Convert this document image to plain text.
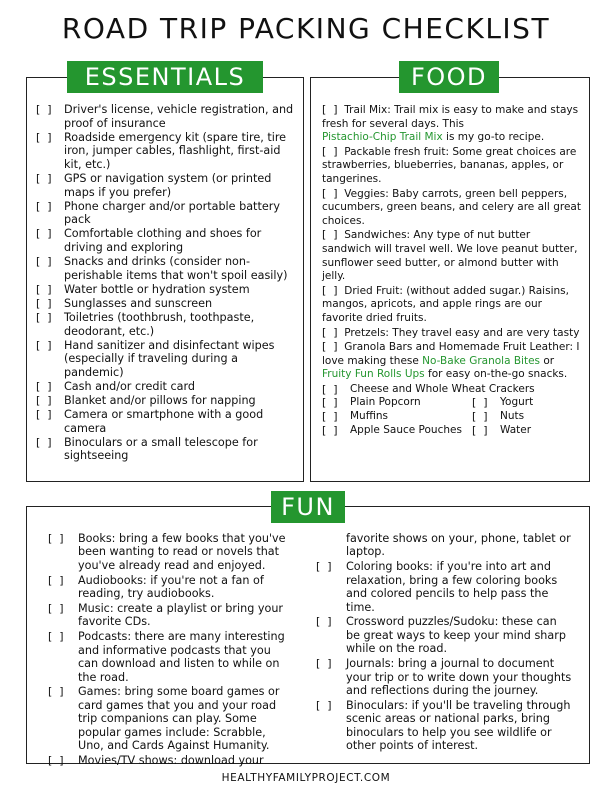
ROAD TRIP PACKING CHECKLIST
ESSENTIALS
[  ]	Driver's license, vehicle registration, and proof of insurance
[  ]	Roadside emergency kit (spare tire, tire iron, jumper cables, flashlight, first-aid kit, etc.)
[  ]	GPS or navigation system (or printed maps if you prefer)
[  ]	Phone charger and/or portable battery pack
[  ]	Comfortable clothing and shoes for driving and exploring
[  ]	Snacks and drinks (consider non-perishable items that won't spoil easily)
[  ]	Water bottle or hydration system
[  ]	Sunglasses and sunscreen
[  ]	Toiletries (toothbrush, toothpaste, deodorant, etc.)
[  ]	Hand sanitizer and disinfectant wipes (especially if traveling during a pandemic)
[  ]	Cash and/or credit card
[  ]	Blanket and/or pillows for napping
[  ]	Camera or smartphone with a good camera
[  ]	Binoculars or a small telescope for sightseeing
FOOD

[  ] Trail Mix: Trail mix is easy to make and stays fresh for several days. This
Pistachio-Chip Trail Mix is my go-to recipe.

[  ] Packable fresh fruit: Some great choices are strawberries, blueberries, bananas, apples, or tangerines.

[  ] Veggies: Baby carrots, green bell peppers, cucumbers, green beans, and celery are all great choices.

[  ] Sandwiches: Any type of nut butter sandwich will travel well. We love peanut butter, sunflower seed butter, or almond butter with jelly.

[  ] Dried Fruit: (without added sugar.) Raisins, mangos, apricots, and apple rings are our favorite dried fruits.

[  ] Pretzels: They travel easy and are very tasty

[  ] Granola Bars and Homemade Fruit Leather: I love making these No-Bake Granola Bites or Fruity Fun Rolls Ups for easy on-the-go snacks.

[  ]	Cheese and Whole Wheat Crackers
[  ]	Plain Popcorn
[  ]	Muffins
[  ]	Apple Sauce Pouches
[  ]	Yogurt
[  ]	Nuts
[  ]	Water
FUN
[  ]	Books: bring a few books that you've been wanting to read or novels that you've already read and enjoyed.
[  ]	Audiobooks: if you're not a fan of reading, try audiobooks.
[  ]	Music: create a playlist or bring your favorite CDs.
[  ]	Podcasts: there are many interesting and informative podcasts that you can download and listen to while on the road.
[  ]	Games: bring some board games or card games that you and your road trip companions can play. Some popular games include: Scrabble, Uno, and Cards Against Humanity.
[  ]	Movies/TV shows: download your
favorite shows on your, phone, tablet or laptop.
[  ]	Coloring books: if you're into art and relaxation, bring a few coloring books and colored pencils to help pass the time.
[  ]	Crossword puzzles/Sudoku: these can be great ways to keep your mind sharp while on the road.
[  ]	Journals: bring a journal to document your trip or to write down your thoughts and reflections during the journey.
[  ]	Binoculars: if you'll be traveling through scenic areas or national parks, bring binoculars to help you see wildlife or other points of interest.
HEALTHYFAMILYPROJECT.COM
